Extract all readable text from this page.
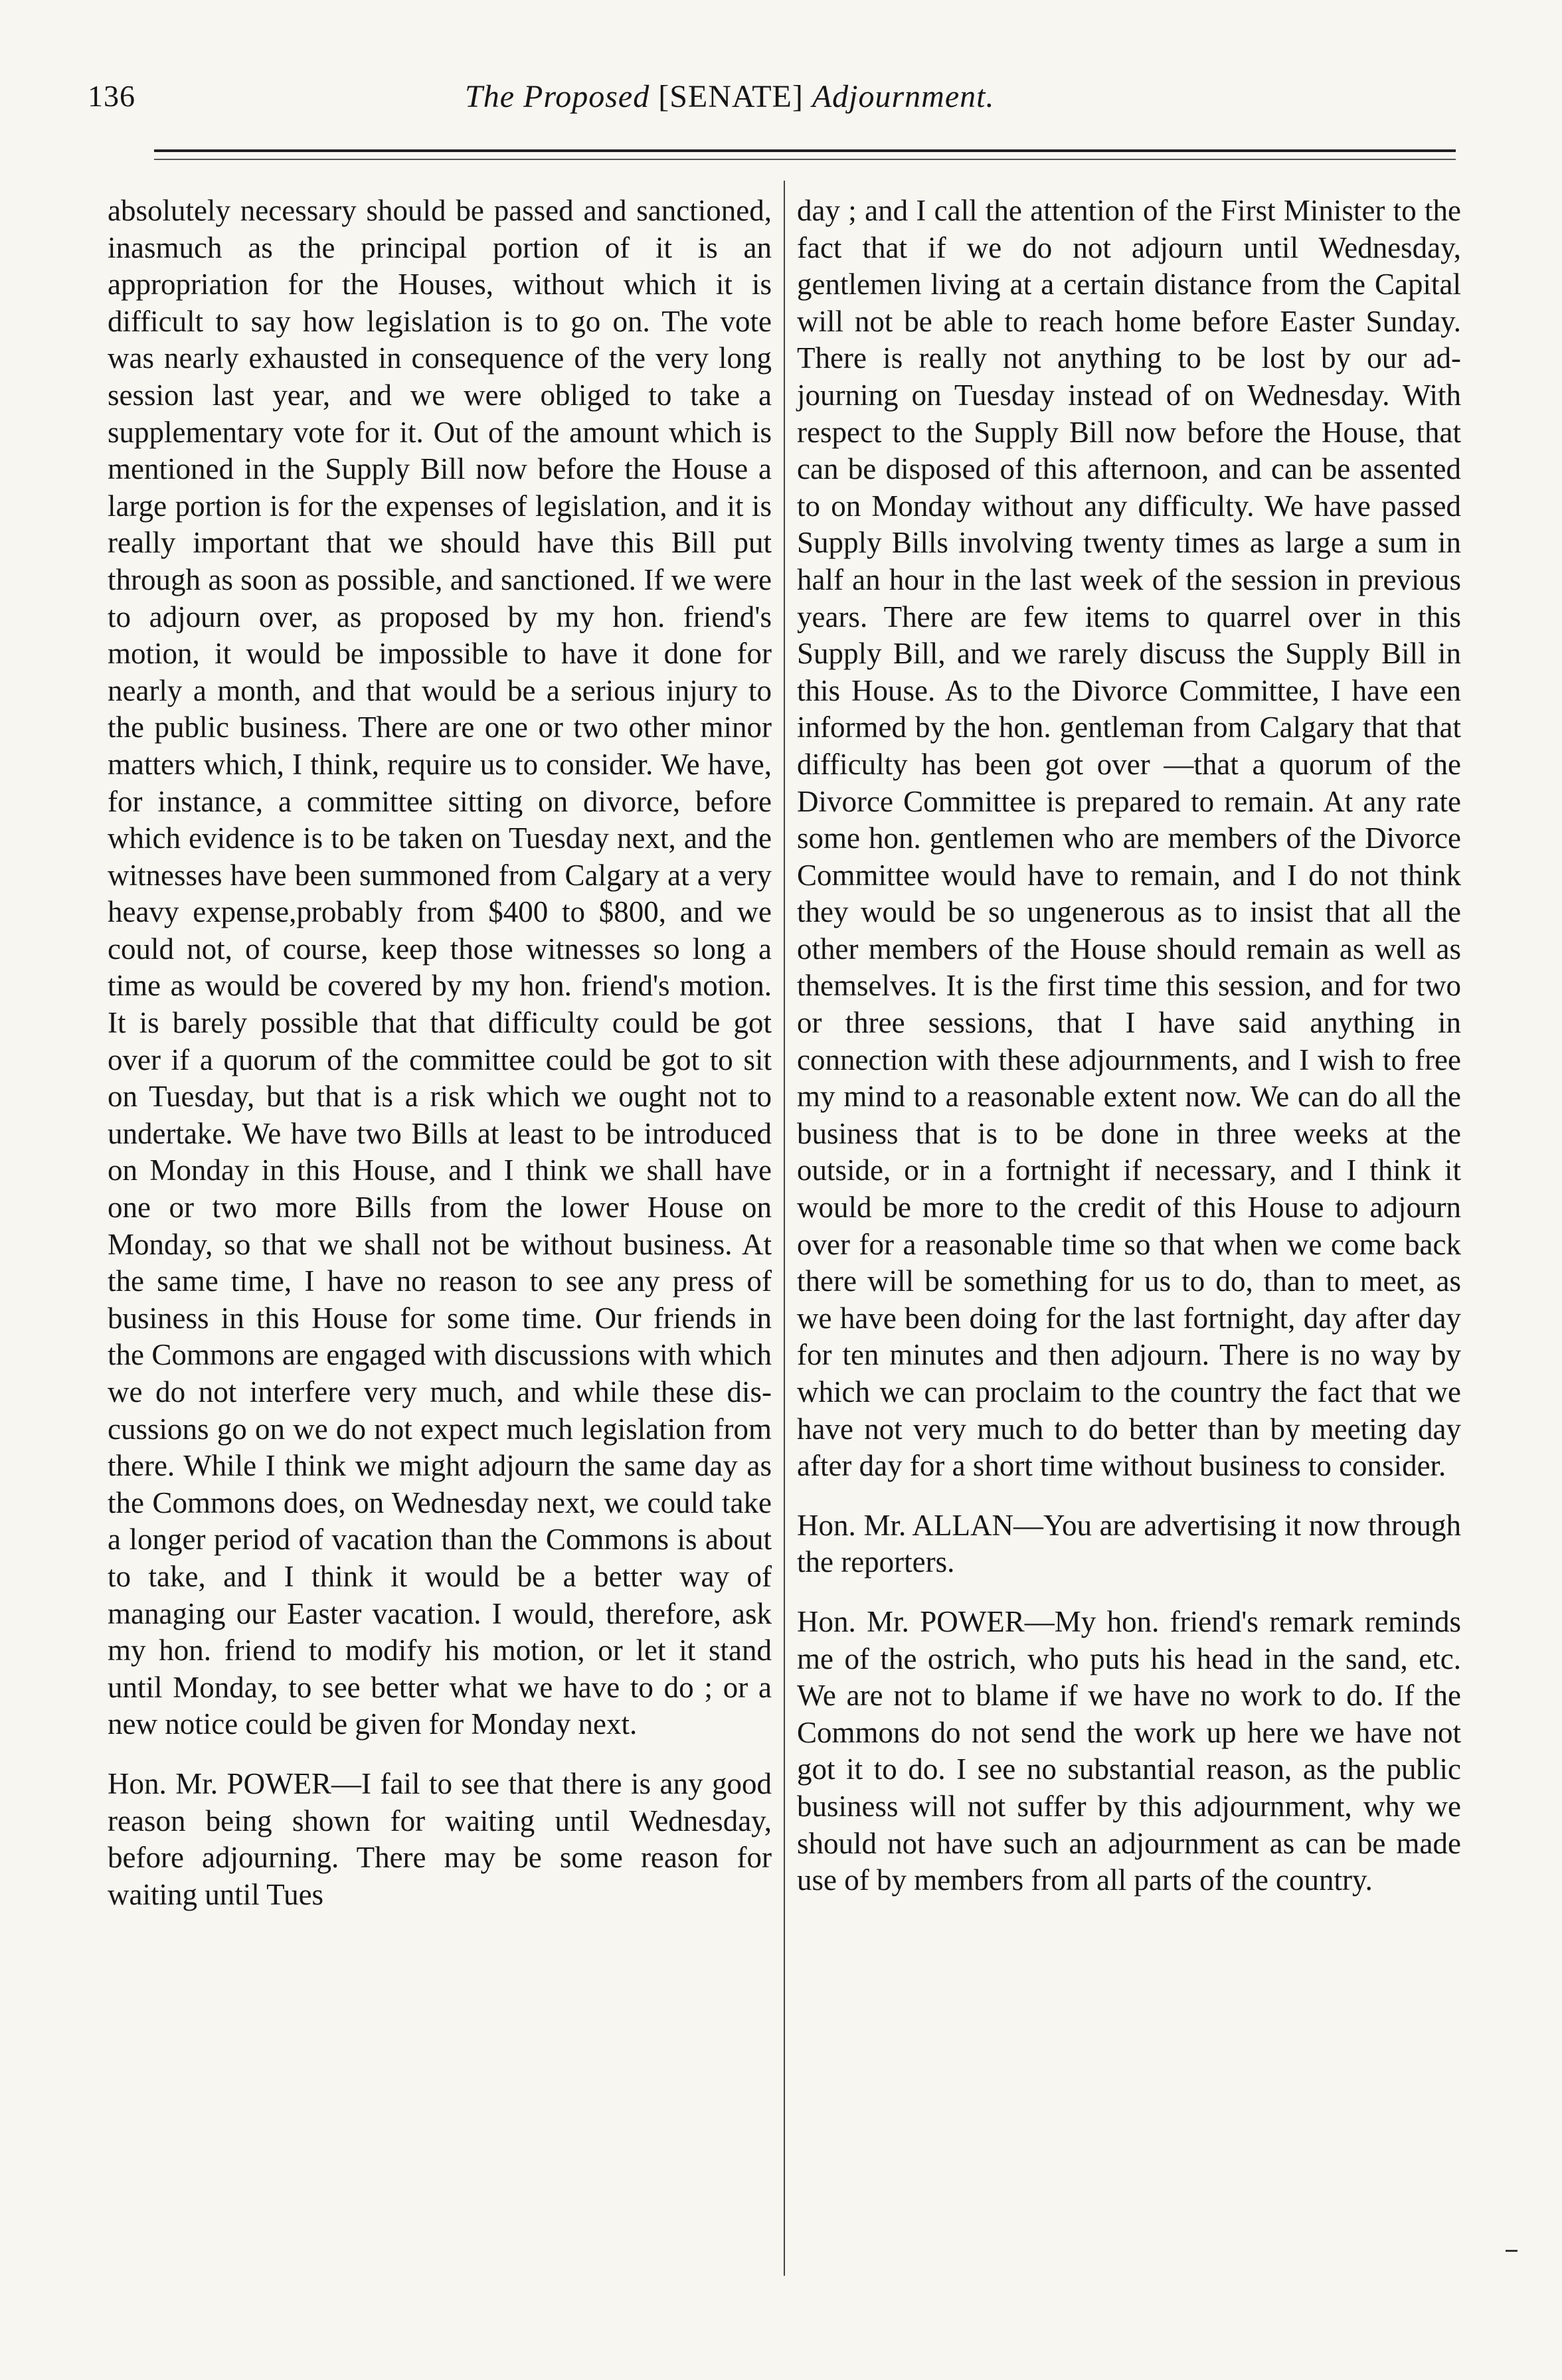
136	The Proposed [SENATE] Adjournment.

absolutely necessary should be passed and sanctioned, inasmuch as the principal portion of it is an appropriation for the Houses, without which it is difficult to say how legislation is to go on. The vote was nearly exhausted in consequence of the very long session last year, and we were obliged to take a supplementary vote for it. Out of the amount which is mentioned in the Supply Bill now before the House a large portion is for the expenses of legislation, and it is really important that we should have this Bill put through as soon as possible, and sanctioned. If we were to adjourn over, as proposed by my hon. friend's motion, it would be impossible to have it done for nearly a month, and that would be a serious injury to the public business. There are one or two other minor matters which, I think, require us to consider. We have, for instance, a committee sitting on divorce, before which evidence is to be taken on Tuesday next, and the witnesses have been summoned from Calgary at a very heavy expense,probably from $400 to $800, and we could not, of course, keep those witnesses so long a time as would be covered by my hon. friend's motion. It is barely possible that that difficulty could be got over if a quorum of the committee could be got to sit on Tuesday, but that is a risk which we ought not to undertake. We have two Bills at least to be introduced on Monday in this House, and I think we shall have one or two more Bills from the lower House on Monday, so that we shall not be without business. At the same time, I have no reason to see any press of business in this House for some time. Our friends in the Commons are engaged with discussions with which we do not interfere very much, and while these discussions go on we do not expect much legislation from there. While I think we might adjourn the same day as the Commons does, on Wednesday next, we could take a longer period of vacation than the Commons is about to take, and I think it would be a better way of managing our Easter vacation. I would, therefore, ask my hon. friend to modify his motion, or let it stand until Monday, to see better what we have to do ; or a new notice could be given for Monday next.

Hon. Mr. POWER—I fail to see that there is any good reason being shown for waiting until Wednesday, before adjourning. There may be some reason for waiting until Tues

day ; and I call the attention of the First Minister to the fact that if we do not adjourn until Wednesday, gentlemen living at a certain distance from the Capital will not be able to reach home before Easter Sunday. There is really not anything to be lost by our adjourning on Tuesday instead of on Wednesday. With respect to the Supply Bill now before the House, that can be disposed of this afternoon, and can be assented to on Monday without any difficulty. We have passed Supply Bills involving twenty times as large a sum in half an hour in the last week of the session in previous years. There are few items to quarrel over in this Supply Bill, and we rarely discuss the Supply Bill in this House. As to the Divorce Committee, I have een informed by the hon. gentleman from Calgary that that difficulty has been got over —that a quorum of the Divorce Committee is prepared to remain. At any rate some hon. gentlemen who are members of the Divorce Committee would have to remain, and I do not think they would be so ungenerous as to insist that all the other members of the House should remain as well as themselves. It is the first time this session, and for two or three sessions, that I have said anything in connection with these adjournments, and I wish to free my mind to a reasonable extent now. We can do all the business that is to be done in three weeks at the outside, or in a fortnight if necessary, and I think it would be more to the credit of this House to adjourn over for a reasonable time so that when we come back there will be something for us to do, than to meet, as we have been doing for the last fortnight, day after day for ten minutes and then adjourn. There is no way by which we can proclaim to the country the fact that we have not very much to do better than by meeting day after day for a short time without business to consider.

Hon. Mr. ALLAN—You are advertising it now through the reporters.

Hon. Mr. POWER—My hon. friend's remark reminds me of the ostrich, who puts his head in the sand, etc. We are not to blame if we have no work to do. If the Commons do not send the work up here we have not got it to do. I see no substantial reason, as the public business will not suffer by this adjournment, why we should not have such an adjournment as can be made use of by members from all parts of the country.
